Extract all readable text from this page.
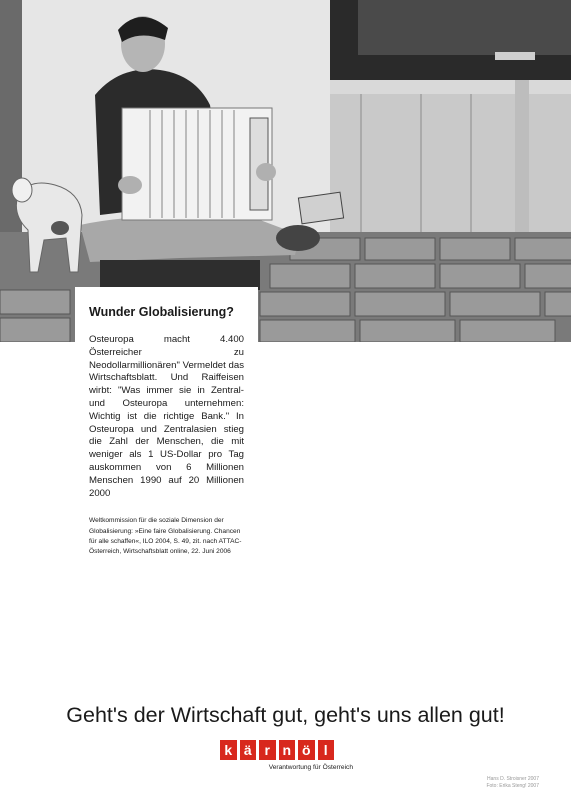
Wunder Globalisierung?

Osteuropa macht 4.400 Österreicher zu Neodollarmillionären" Vermeldet das Wirtschaftsblatt. Und Raiffeisen wirbt: "Was immer sie in Zentral- und Osteuropa unternehmen: Wichtig ist die richtige Bank." In Osteuropa und Zentralasien stieg die Zahl der Menschen, die mit weniger als 1 US-Dollar pro Tag auskommen von 6 Millionen Menschen 1990 auf 20 Millionen 2000

Weltkommission für die soziale Dimension der Globalisierung: »Eine faire Globalisierung. Chancen für alle schaffen«, ILO 2004, S. 49, zit. nach ATTAC-Österreich, Wirtschaftsblatt online, 22. Juni 2006

Geht's der Wirtschaft gut, geht's uns allen gut!
k ä r n ö l
Verantwortung für Österreich
Hans D. Stroisner 2007
Foto: Erika Steng! 2007
